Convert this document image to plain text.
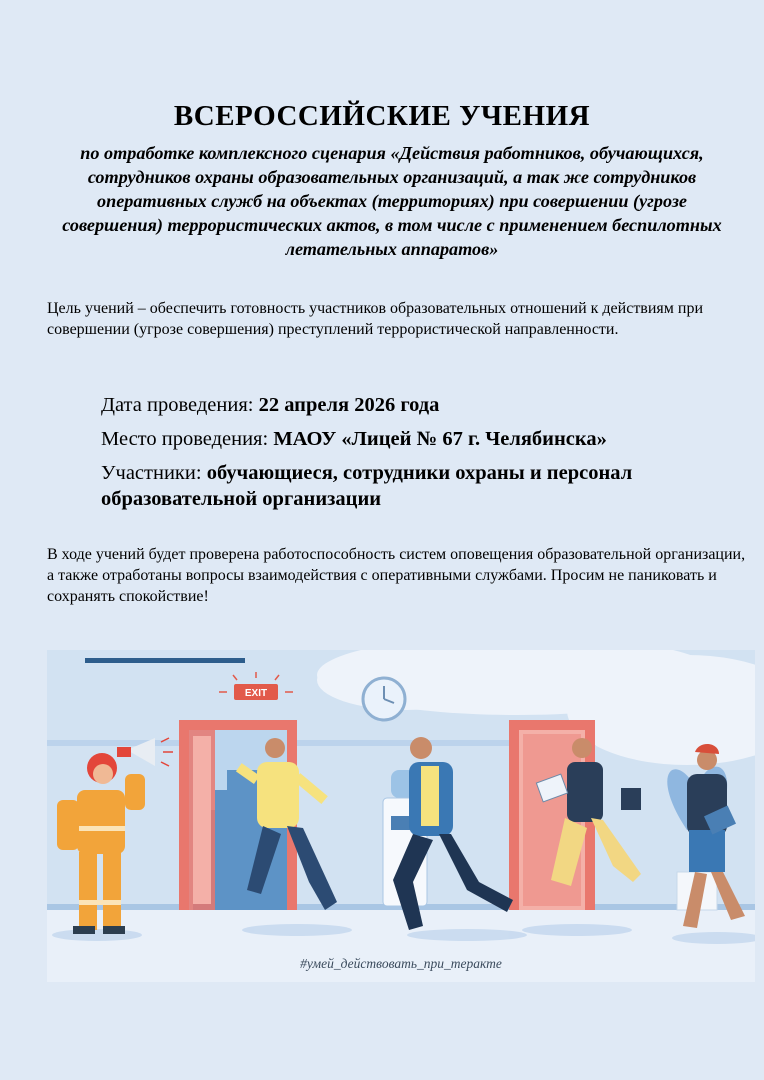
ВСЕРОССИЙСКИЕ УЧЕНИЯ
по отработке комплексного сценария «Действия работников, обучающихся, сотрудников охраны образовательных организаций, а так же сотрудников оперативных служб на объектах (территориях) при совершении (угрозе совершения) террористических актов, в том числе с применением беспилотных летательных аппаратов»
Цель учений – обеспечить готовность участников образовательных отношений к действиям при совершении (угрозе совершения) преступлений террористической направленности.
Дата проведения: 22 апреля 2026 года
Место проведения: МАОУ «Лицей № 67 г. Челябинска»
Участники: обучающиеся, сотрудники охраны и персонал образовательной организации
В ходе учений будет проверена работоспособность систем оповещения образовательной организации, а также отработаны вопросы взаимодействия с оперативными службами. Просим не паниковать и сохранять спокойствие!
EXIT
#умей_действовать_при_теракте
